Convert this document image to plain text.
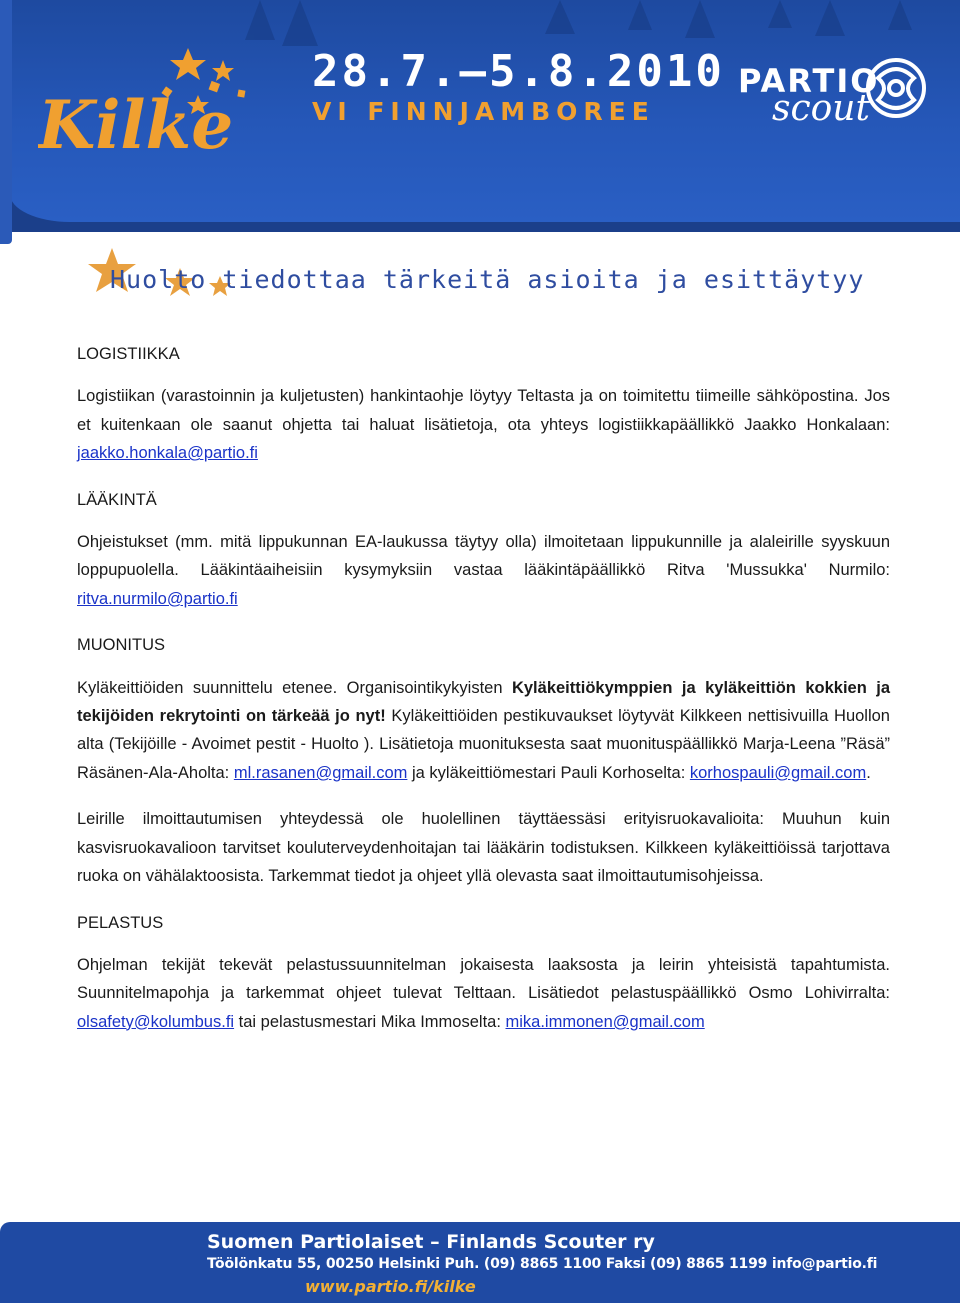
Kilke
28.7.–5.8.2010
VI FINNJAMBOREE
PARTIO
scout
Huolto tiedottaa tärkeitä asioita ja esittäytyy
LOGISTIIKKA

Logistiikan (varastoinnin ja kuljetusten) hankintaohje löytyy Teltasta ja on toimitettu tiimeille sähköpostina. Jos et kuitenkaan ole saanut ohjetta tai haluat lisätietoja, ota yhteys logistiikkapäällikkö Jaakko Honkalaan: jaakko.honkala@partio.fi

LÄÄKINTÄ

Ohjeistukset (mm. mitä lippukunnan EA-laukussa täytyy olla) ilmoitetaan lippukunnille ja alaleirille syyskuun loppupuolella. Lääkintäaiheisiin kysymyksiin vastaa lääkintäpäällikkö Ritva 'Mussukka' Nurmilo: ritva.nurmilo@partio.fi

MUONITUS

Kyläkeittiöiden suunnittelu etenee. Organisointikykyisten Kyläkeittiökymppien ja kyläkeittiön kokkien ja tekijöiden rekrytointi on tärkeää jo nyt! Kyläkeittiöiden pestikuvaukset löytyvät Kilkkeen nettisivuilla Huollon alta (Tekijöille - Avoimet pestit - Huolto ). Lisätietoja muonituksesta saat muonituspäällikkö Marja-Leena ”Räsä” Räsänen-Ala-Aholta: ml.rasanen@gmail.com ja kyläkeittiömestari Pauli Korhoselta: korhospauli@gmail.com.

Leirille ilmoittautumisen yhteydessä ole huolellinen täyttäessäsi erityisruokavalioita: Muuhun kuin kasvisruokavalioon tarvitset kouluterveydenhoitajan tai lääkärin todistuksen. Kilkkeen kyläkeittiöissä tarjottava ruoka on vähälaktoosista. Tarkemmat tiedot ja ohjeet yllä olevasta saat ilmoittautumisohjeissa.

PELASTUS

Ohjelman tekijät tekevät pelastussuunnitelman jokaisesta laaksosta ja leirin yhteisistä tapahtumista. Suunnitelmapohja ja tarkemmat ohjeet tulevat Telttaan. Lisätiedot pelastuspäällikkö Osmo Lohivirralta: olsafety@kolumbus.fi tai pelastusmestari Mika Immoselta: mika.immonen@gmail.com

Suomen Partiolaiset – Finlands Scouter ry
Töölönkatu 55, 00250 Helsinki Puh. (09) 8865 1100 Faksi (09) 8865 1199 info@partio.fi
www.partio.fi/kilke
